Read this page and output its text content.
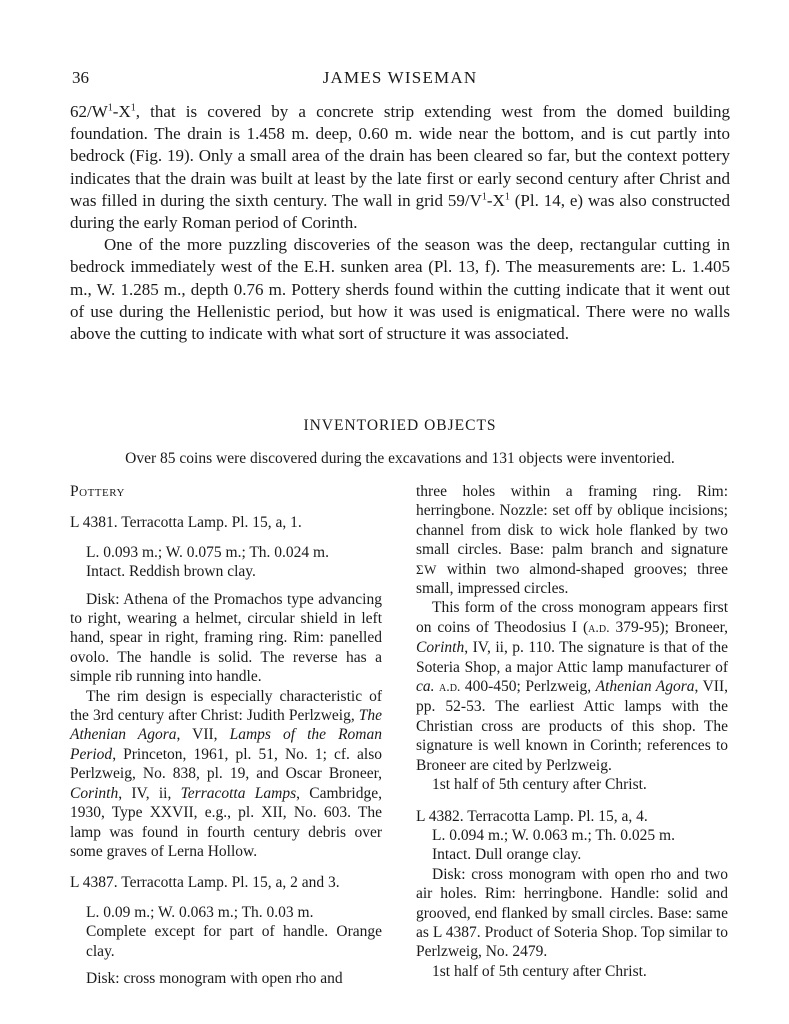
36	JAMES WISEMAN

$62/W^1-X^1$, that is covered by a concrete strip extending west from the domed building foundation. The drain is 1.458 m. deep, 0.60 m. wide near the bottom, and is cut partly into bedrock (Fig. 19). Only a small area of the drain has been cleared so far, but the context pottery indicates that the drain was built at least by the late first or early second century after Christ and was filled in during the sixth century. The wall in grid $59/V^1-X^1$ (Pl. 14, e) was also constructed during the early Roman period of Corinth.

One of the more puzzling discoveries of the season was the deep, rectangular cutting in bedrock immediately west of the E.H. sunken area (Pl. 13, f). The measurements are: L. 1.405 m., W. 1.285 m., depth 0.76 m. Pottery sherds found within the cutting indicate that it went out of use during the Hellenistic period, but how it was used is enigmatical. There were no walls above the cutting to indicate with what sort of structure it was associated.

INVENTORIED OBJECTS
Over 85 coins were discovered during the excavations and 131 objects were inventoried.

Pottery

L 4381. Terracotta Lamp. Pl. 15, a, 1.

L. 0.093 m.; W. 0.075 m.; Th. 0.024 m.

Intact. Reddish brown clay.

Disk: Athena of the Promachos type advancing to right, wearing a helmet, circular shield in left hand, spear in right, framing ring. Rim: panelled ovolo. The handle is solid. The reverse has a simple rib running into handle.

The rim design is especially characteristic of the 3rd century after Christ: Judith Perlzweig, The Athenian Agora, VII, Lamps of the Roman Period, Princeton, 1961, pl. 51, No. 1; cf. also Perlzweig, No. 838, pl. 19, and Oscar Broneer, Corinth, IV, ii, Terracotta Lamps, Cambridge, 1930, Type XXVII, e.g., pl. XII, No. 603. The lamp was found in fourth century debris over some graves of Lerna Hollow.

L 4387. Terracotta Lamp. Pl. 15, a, 2 and 3.

L. 0.09 m.; W. 0.063 m.; Th. 0.03 m.

Complete except for part of handle. Orange clay.

Disk: cross monogram with open rho and

three holes within a framing ring. Rim: herringbone. Nozzle: set off by oblique incisions; channel from disk to wick hole flanked by two small circles. Base: palm branch and signature ΣW within two almond-shaped grooves; three small, impressed circles.

This form of the cross monogram appears first on coins of Theodosius I (a.d. 379-95); Broneer, Corinth, IV, ii, p. 110. The signature is that of the Soteria Shop, a major Attic lamp manufacturer of ca. a.d. 400-450; Perlzweig, Athenian Agora, VII, pp. 52-53. The earliest Attic lamps with the Christian cross are products of this shop. The signature is well known in Corinth; references to Broneer are cited by Perlzweig.

1st half of 5th century after Christ.

L 4382. Terracotta Lamp. Pl. 15, a, 4.

L. 0.094 m.; W. 0.063 m.; Th. 0.025 m.

Intact. Dull orange clay.

Disk: cross monogram with open rho and two air holes. Rim: herringbone. Handle: solid and grooved, end flanked by small circles. Base: same as L 4387. Product of Soteria Shop. Top similar to Perlzweig, No. 2479.

1st half of 5th century after Christ.
